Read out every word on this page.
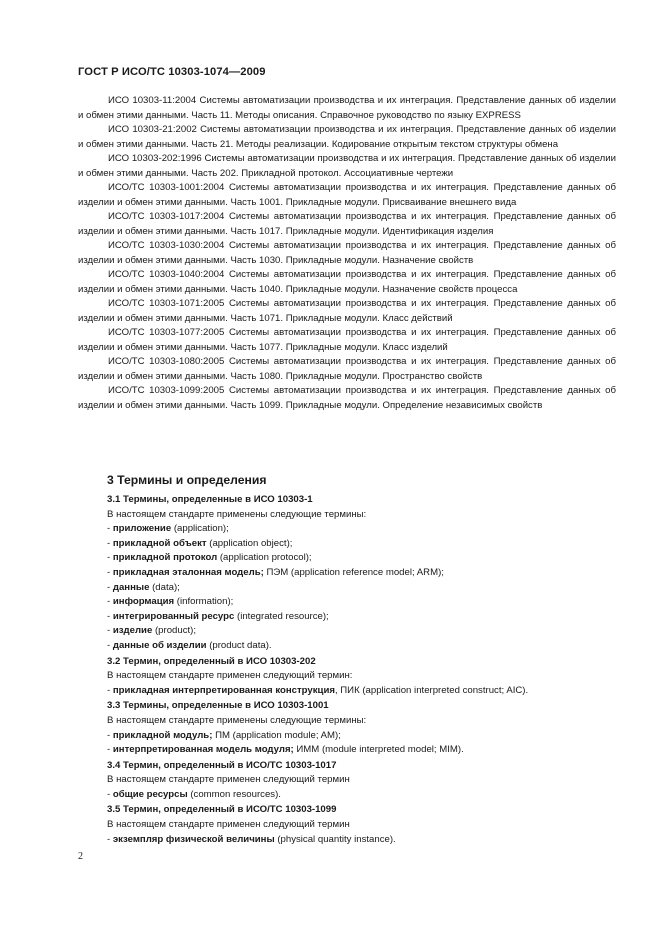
ГОСТ Р ИСО/ТС 10303-1074—2009
ИСО 10303-11:2004 Системы автоматизации производства и их интеграция. Представление данных об изделии и обмен этими данными. Часть 11. Методы описания. Справочное руководство по языку EXPRESS
ИСО 10303-21:2002 Системы автоматизации производства и их интеграция. Представление данных об изделии и обмен этими данными. Часть 21. Методы реализации. Кодирование открытым текстом структуры обмена
ИСО 10303-202:1996 Системы автоматизации производства и их интеграция. Представление данных об изделии и обмен этими данными. Часть 202. Прикладной протокол. Ассоциативные чертежи
ИСО/ТС 10303-1001:2004 Системы автоматизации производства и их интеграция. Представление данных об изделии и обмен этими данными. Часть 1001. Прикладные модули. Присваивание внешнего вида
ИСО/ТС 10303-1017:2004 Системы автоматизации производства и их интеграция. Представление данных об изделии и обмен этими данными. Часть 1017. Прикладные модули. Идентификация изделия
ИСО/ТС 10303-1030:2004 Системы автоматизации производства и их интеграция. Представление данных об изделии и обмен этими данными. Часть 1030. Прикладные модули. Назначение свойств
ИСО/ТС 10303-1040:2004 Системы автоматизации производства и их интеграция. Представление данных об изделии и обмен этими данными. Часть 1040. Прикладные модули. Назначение свойств процесса
ИСО/ТС 10303-1071:2005 Системы автоматизации производства и их интеграция. Представление данных об изделии и обмен этими данными. Часть 1071. Прикладные модули. Класс действий
ИСО/ТС 10303-1077:2005 Системы автоматизации производства и их интеграция. Представление данных об изделии и обмен этими данными. Часть 1077. Прикладные модули. Класс изделий
ИСО/ТС 10303-1080:2005 Системы автоматизации производства и их интеграция. Представление данных об изделии и обмен этими данными. Часть 1080. Прикладные модули. Пространство свойств
ИСО/ТС 10303-1099:2005 Системы автоматизации производства и их интеграция. Представление данных об изделии и обмен этими данными. Часть 1099. Прикладные модули. Определение независимых свойств
3 Термины и определения
3.1 Термины, определенные в ИСО 10303-1
В настоящем стандарте применены следующие термины:
- приложение (application);
- прикладной объект (application object);
- прикладной протокол (application protocol);
- прикладная эталонная модель; ПЭМ (application reference model; ARM);
- данные (data);
- информация (information);
- интегрированный ресурс (integrated resource);
- изделие (product);
- данные об изделии (product data).
3.2 Термин, определенный в ИСО 10303-202
В настоящем стандарте применен следующий термин:
- прикладная интерпретированная конструкция, ПИК (application interpreted construct; AIC).
3.3 Термины, определенные в ИСО 10303-1001
В настоящем стандарте применены следующие термины:
- прикладной модуль; ПМ (application module; AM);
- интерпретированная модель модуля; ИММ (module interpreted model; MIM).
3.4 Термин, определенный в ИСО/ТС 10303-1017
В настоящем стандарте применен следующий термин
- общие ресурсы (common resources).
3.5 Термин, определенный в ИСО/ТС 10303-1099
В настоящем стандарте применен следующий термин
- экземпляр физической величины (physical quantity instance).
2
